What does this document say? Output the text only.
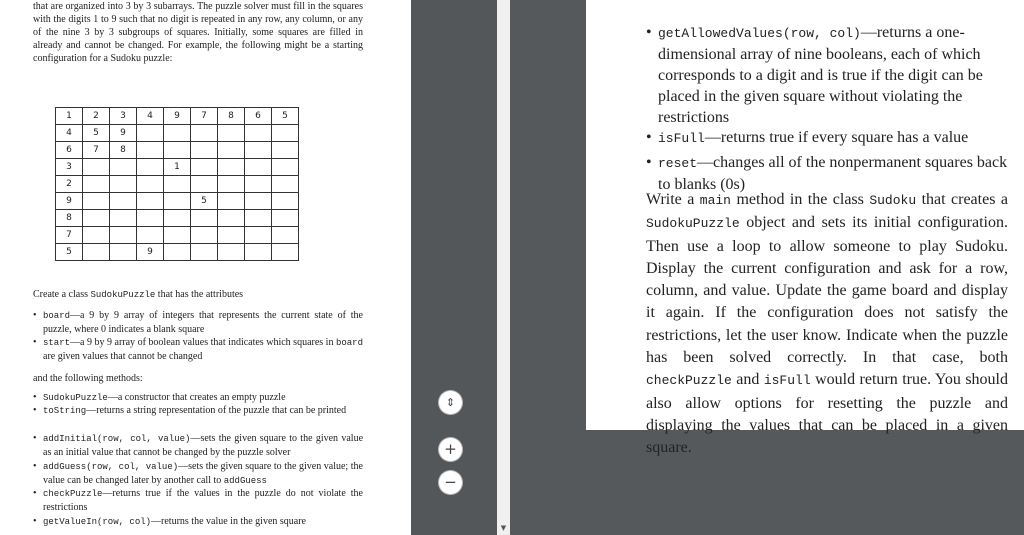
that are organized into 3 by 3 subarrays. The puzzle solver must fill in the squares with the digits 1 to 9 such that no digit is repeated in any row, any column, or any of the nine 3 by 3 subgroups of squares. Initially, some squares are filled in already and cannot be changed. For example, the following might be a starting configuration for a Sudoku puzzle:

1	2	3	4	9	7	8	6	5
4	5	9						
6	7	8						
3				1				
2								
9					5			
8								
7								
5			9					

Create a class SudokuPuzzle that has the attributes

• board—a 9 by 9 array of integers that represents the current state of the puzzle, where 0 indicates a blank square
• start—a 9 by 9 array of boolean values that indicates which squares in board are given values that cannot be changed

and the following methods:

• SudokuPuzzle—a constructor that creates an empty puzzle
• toString—returns a string representation of the puzzle that can be printed
• addInitial(row, col, value)—sets the given square to the given value as an initial value that cannot be changed by the puzzle solver
• addGuess(row, col, value)—sets the given square to the given value; the value can be changed later by another call to addGuess
• checkPuzzle—returns true if the values in the puzzle do not violate the restrictions
• getValueIn(row, col)—returns the value in the given square
⇕
+
−
▼
• getAllowedValues(row, col)—returns a one-dimensional array of nine booleans, each of which corresponds to a digit and is true if the digit can be placed in the given square without violating the restrictions
• isFull—returns true if every square has a value
• reset—changes all of the nonpermanent squares back to blanks (0s)

Write a main method in the class Sudoku that creates a SudokuPuzzle object and sets its initial configuration. Then use a loop to allow someone to play Sudoku. Display the current configuration and ask for a row, column, and value. Update the game board and display it again. If the configuration does not satisfy the restrictions, let the user know. Indicate when the puzzle has been solved correctly. In that case, both checkPuzzle and isFull would return true. You should also allow options for resetting the puzzle and displaying the values that can be placed in a given square.
